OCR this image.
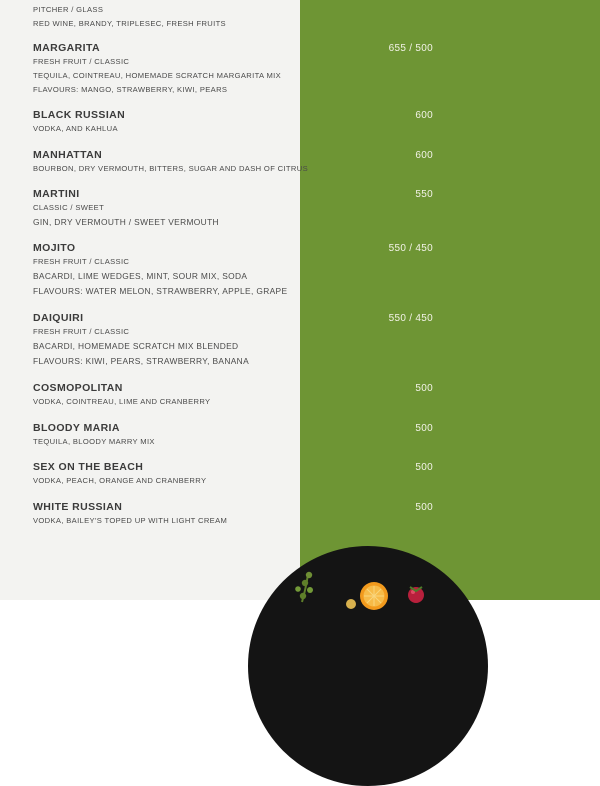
PITCHER / GLASS

RED WINE, BRANDY, TRIPLESEC, FRESH FRUITS

MARGARITA	655 / 500

FRESH FRUIT / CLASSIC

TEQUILA, COINTREAU, HOMEMADE SCRATCH MARGARITA MIX

FLAVOURS: MANGO, STRAWBERRY, KIWI, PEARS

BLACK RUSSIAN	600

VODKA, AND KAHLUA

MANHATTAN	600

BOURBON, DRY VERMOUTH, BITTERS, SUGAR AND DASH OF CITRUS

MARTINI	550

CLASSIC / SWEET

GIN, DRY VERMOUTH / SWEET VERMOUTH

MOJITO	550 / 450

FRESH FRUIT / CLASSIC

BACARDI, LIME WEDGES, MINT, SOUR MIX, SODA

FLAVOURS: WATER MELON, STRAWBERRY, APPLE, GRAPE

DAIQUIRI	550 / 450

FRESH FRUIT / CLASSIC

BACARDI, HOMEMADE SCRATCH MIX BLENDED

FLAVOURS: KIWI, PEARS, STRAWBERRY, BANANA

COSMOPOLITAN	500

VODKA, COINTREAU, LIME AND CRANBERRY

BLOODY MARIA	500

TEQUILA, BLOODY MARRY MIX

SEX ON THE BEACH	500

VODKA, PEACH, ORANGE AND CRANBERRY

WHITE RUSSIAN	500

VODKA, BAILEY'S TOPED UP WITH LIGHT CREAM
